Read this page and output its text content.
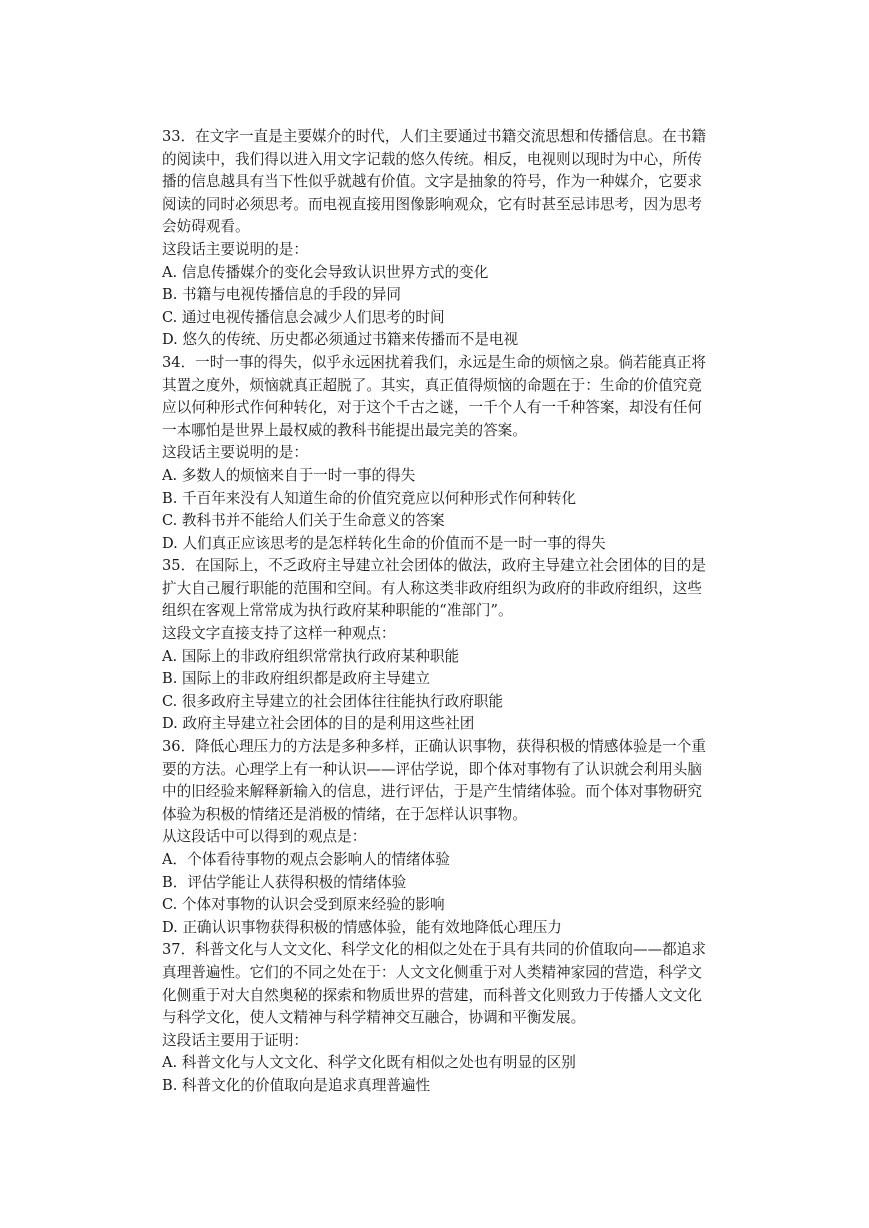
33．在文字一直是主要媒介的时代，人们主要通过书籍交流思想和传播信息。在书籍
的阅读中，我们得以进入用文字记载的悠久传统。相反，电视则以现时为中心，所传
播的信息越具有当下性似乎就越有价值。文字是抽象的符号，作为一种媒介，它要求
阅读的同时必须思考。而电视直接用图像影响观众，它有时甚至忌讳思考，因为思考
会妨碍观看。
这段话主要说明的是：
A. 信息传播媒介的变化会导致认识世界方式的变化
B. 书籍与电视传播信息的手段的异同
C. 通过电视传播信息会减少人们思考的时间
D. 悠久的传统、历史都必须通过书籍来传播而不是电视
34．一时一事的得失，似乎永远困扰着我们，永远是生命的烦恼之泉。倘若能真正将
其置之度外，烦恼就真正超脱了。其实，真正值得烦恼的命题在于：生命的价值究竟
应以何种形式作何种转化，对于这个千古之谜，一千个人有一千种答案，却没有任何
一本哪怕是世界上最权威的教科书能提出最完美的答案。
这段话主要说明的是：
A. 多数人的烦恼来自于一时一事的得失
B. 千百年来没有人知道生命的价值究竟应以何种形式作何种转化
C. 教科书并不能给人们关于生命意义的答案
D. 人们真正应该思考的是怎样转化生命的价值而不是一时一事的得失
35．在国际上，不乏政府主导建立社会团体的做法，政府主导建立社会团体的目的是
扩大自己履行职能的范围和空间。有人称这类非政府组织为政府的非政府组织，这些
组织在客观上常常成为执行政府某种职能的“准部门”。
这段文字直接支持了这样一种观点：
A. 国际上的非政府组织常常执行政府某种职能
B. 国际上的非政府组织都是政府主导建立
C. 很多政府主导建立的社会团体往往能执行政府职能
D. 政府主导建立社会团体的目的是利用这些社团
36．降低心理压力的方法是多种多样，正确认识事物，获得积极的情感体验是一个重
要的方法。心理学上有一种认识——评估学说，即个体对事物有了认识就会利用头脑
中的旧经验来解释新输入的信息，进行评估，于是产生情绪体验。而个体对事物研究
体验为积极的情绪还是消极的情绪，在于怎样认识事物。
从这段话中可以得到的观点是：
A．个体看待事物的观点会影响人的情绪体验
B．评估学能让人获得积极的情绪体验
C. 个体对事物的认识会受到原来经验的影响
D. 正确认识事物获得积极的情感体验，能有效地降低心理压力
37．科普文化与人文文化、科学文化的相似之处在于具有共同的价值取向——都追求
真理普遍性。它们的不同之处在于：人文文化侧重于对人类精神家园的营造，科学文
化侧重于对大自然奥秘的探索和物质世界的营建，而科普文化则致力于传播人文文化
与科学文化，使人文精神与科学精神交互融合，协调和平衡发展。
这段话主要用于证明：
A. 科普文化与人文文化、科学文化既有相似之处也有明显的区别
B. 科普文化的价值取向是追求真理普遍性
